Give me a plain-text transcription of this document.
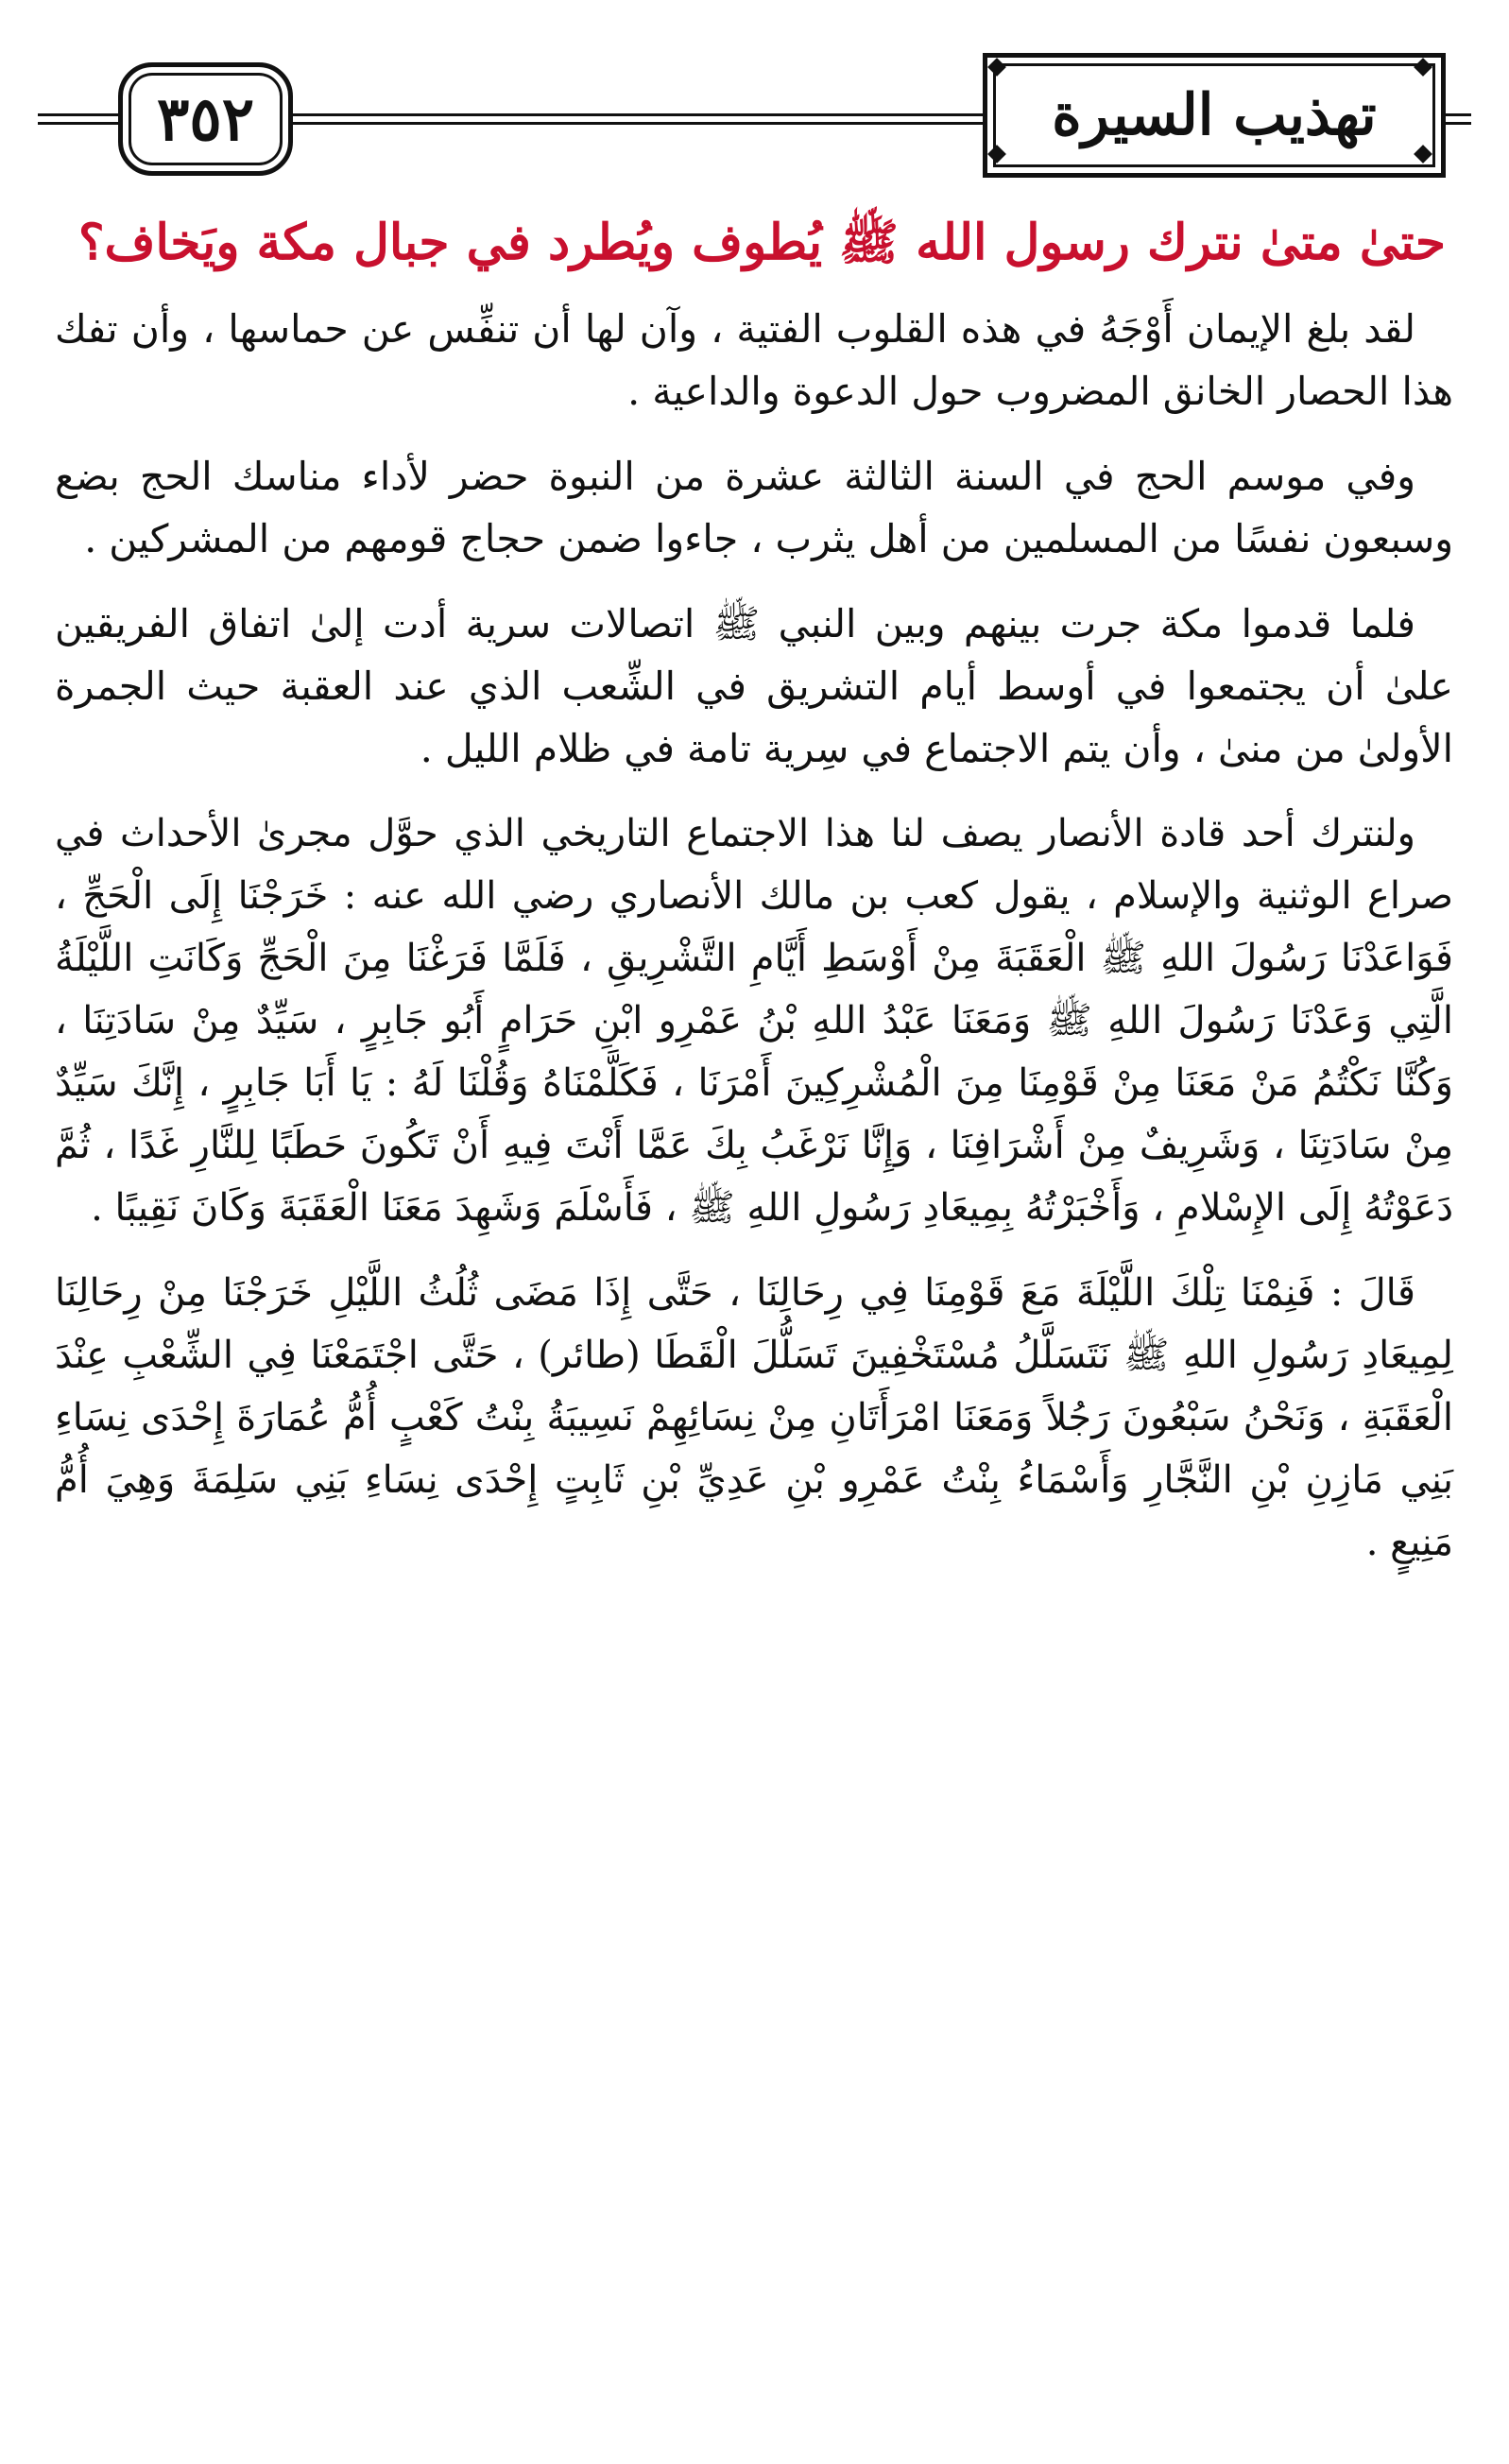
٣٥٢	تهذيب السيرة
حتىٰ متىٰ نترك رسول الله ﷺ يُطوف ويُطرد في جبال مكة ويَخاف؟

لقد بلغ الإيمان أَوْجَهُ في هذه القلوب الفتية ، وآن لها أن تنفِّس عن حماسها ، وأن تفك هذا الحصار الخانق المضروب حول الدعوة والداعية .

وفي موسم الحج في السنة الثالثة عشرة من النبوة حضر لأداء مناسك الحج بضع وسبعون نفسًا من المسلمين من أهل يثرب ، جاءوا ضمن حجاج قومهم من المشركين .

فلما قدموا مكة جرت بينهم وبين النبي ﷺ اتصالات سرية أدت إلىٰ اتفاق الفريقين علىٰ أن يجتمعوا في أوسط أيام التشريق في الشِّعب الذي عند العقبة حيث الجمرة الأولىٰ من منىٰ ، وأن يتم الاجتماع في سِرية تامة في ظلام الليل .

ولنترك أحد قادة الأنصار يصف لنا هذا الاجتماع التاريخي الذي حوَّل مجرىٰ الأحداث في صراع الوثنية والإسلام ، يقول كعب بن مالك الأنصاري رضي الله عنه : خَرَجْنَا إِلَى الْحَجِّ ، فَوَاعَدْنَا رَسُولَ اللهِ ﷺ الْعَقَبَةَ مِنْ أَوْسَطِ أَيَّامِ التَّشْرِيقِ ، فَلَمَّا فَرَغْنَا مِنَ الْحَجِّ وَكَانَتِ اللَّيْلَةُ الَّتِي وَعَدْنَا رَسُولَ اللهِ ﷺ وَمَعَنَا عَبْدُ اللهِ بْنُ عَمْرِو ابْنِ حَرَامٍ أَبُو جَابِرٍ ، سَيِّدٌ مِنْ سَادَتِنَا ، وَكُنَّا نَكْتُمُ مَنْ مَعَنَا مِنْ قَوْمِنَا مِنَ الْمُشْرِكِينَ أَمْرَنَا ، فَكَلَّمْنَاهُ وَقُلْنَا لَهُ : يَا أَبَا جَابِرٍ ، إِنَّكَ سَيِّدٌ مِنْ سَادَتِنَا ، وَشَرِيفٌ مِنْ أَشْرَافِنَا ، وَإِنَّا نَرْغَبُ بِكَ عَمَّا أَنْتَ فِيهِ أَنْ تَكُونَ حَطَبًا لِلنَّارِ غَدًا ، ثُمَّ دَعَوْتُهُ إِلَى الإِسْلامِ ، وَأَخْبَرْتُهُ بِمِيعَادِ رَسُولِ اللهِ ﷺ ، فَأَسْلَمَ وَشَهِدَ مَعَنَا الْعَقَبَةَ وَكَانَ نَقِيبًا .

قَالَ : فَنِمْنَا تِلْكَ اللَّيْلَةَ مَعَ قَوْمِنَا فِي رِحَالِنَا ، حَتَّى إِذَا مَضَى ثُلُثُ اللَّيْلِ خَرَجْنَا مِنْ رِحَالِنَا لِمِيعَادِ رَسُولِ اللهِ ﷺ نَتَسَلَّلُ مُسْتَخْفِينَ تَسَلُّلَ الْقَطَا (طائر) ، حَتَّى اجْتَمَعْنَا فِي الشِّعْبِ عِنْدَ الْعَقَبَةِ ، وَنَحْنُ سَبْعُونَ رَجُلاً وَمَعَنَا امْرَأَتَانِ مِنْ نِسَائِهِمْ نَسِيبَةُ بِنْتُ كَعْبٍ أُمُّ عُمَارَةَ إِحْدَى نِسَاءِ بَنِي مَازِنِ بْنِ النَّجَّارِ وَأَسْمَاءُ بِنْتُ عَمْرِو بْنِ عَدِيِّ بْنِ ثَابِتٍ إِحْدَى نِسَاءِ بَنِي سَلِمَةَ وَهِيَ أُمُّ مَنِيعٍ .
